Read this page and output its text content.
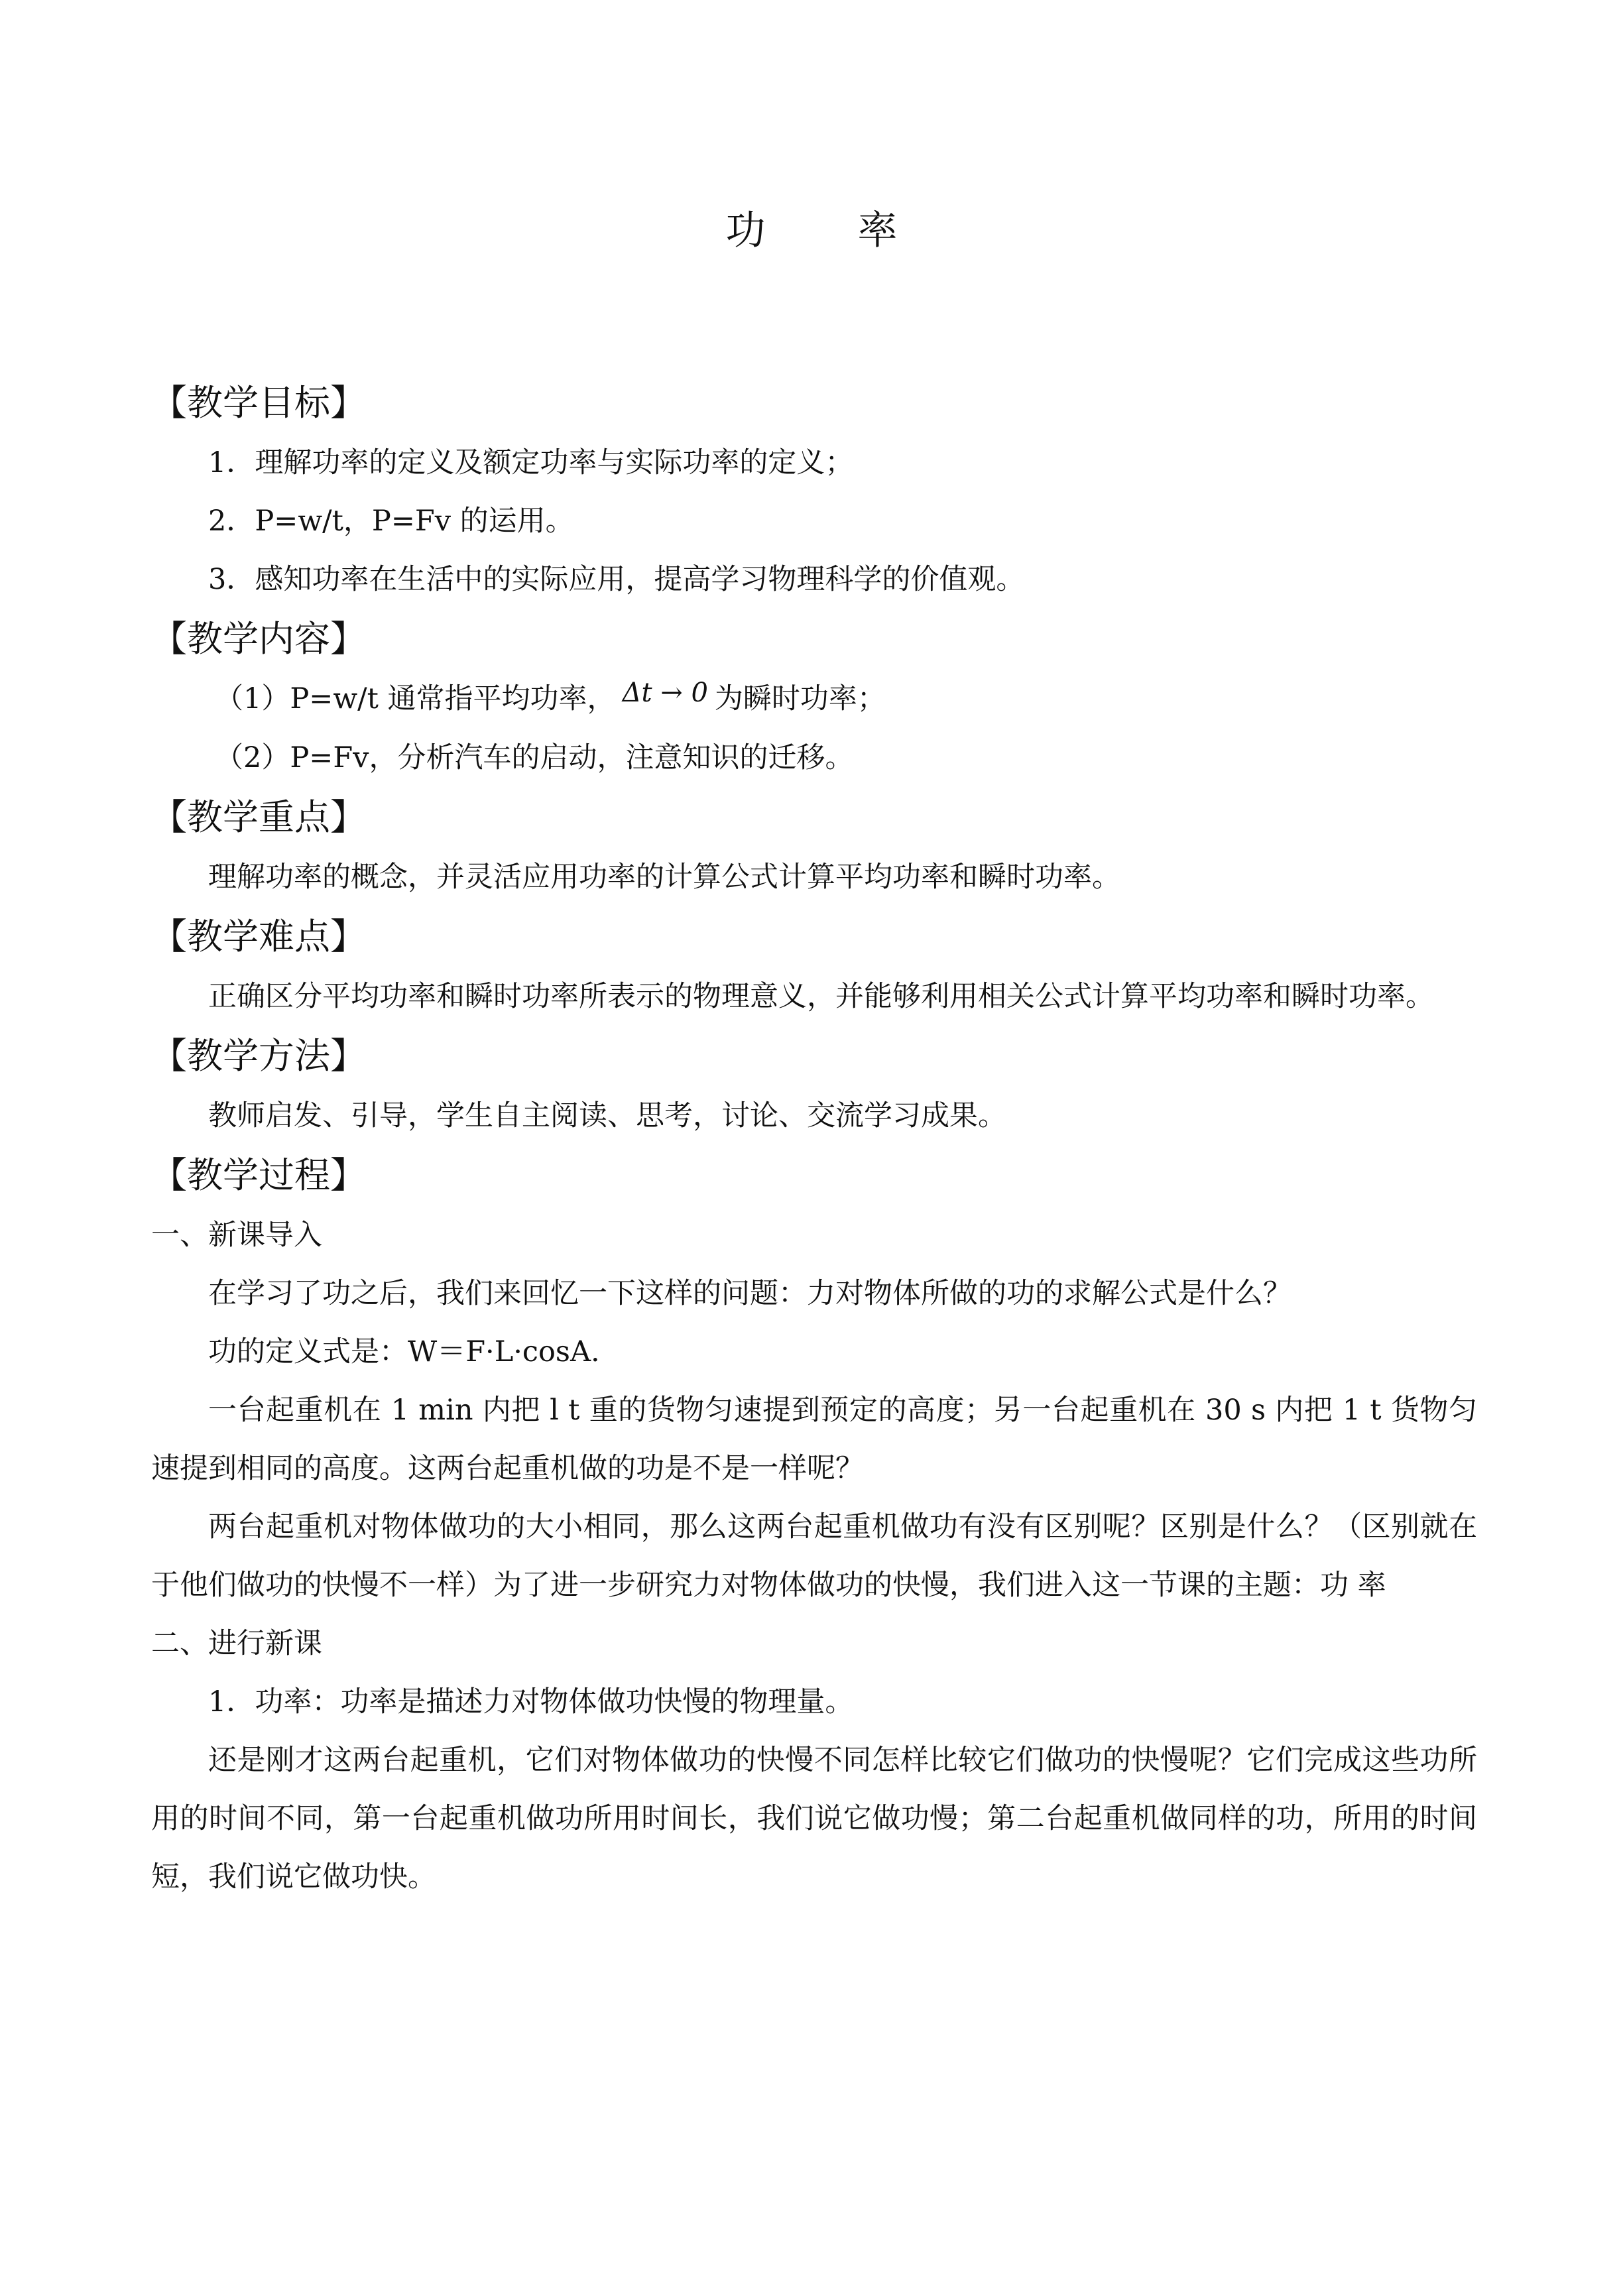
功 率
【教学目标】
1．理解功率的定义及额定功率与实际功率的定义；
2．P=w/t，P=Fv 的运用。
3．感知功率在生活中的实际应用，提高学习物理科学的价值观。
【教学内容】
（1）P=w/t 通常指平均功率， Δt → 0 为瞬时功率；
（2）P=Fv，分析汽车的启动，注意知识的迁移。
【教学重点】
理解功率的概念，并灵活应用功率的计算公式计算平均功率和瞬时功率。
【教学难点】
正确区分平均功率和瞬时功率所表示的物理意义，并能够利用相关公式计算平均功率和瞬时功率。
【教学方法】
教师启发、引导，学生自主阅读、思考，讨论、交流学习成果。
【教学过程】
一、新课导入
在学习了功之后，我们来回忆一下这样的问题：力对物体所做的功的求解公式是什么？
功的定义式是：W＝F·L·cosA.
一台起重机在 1 min 内把 l t 重的货物匀速提到预定的高度；另一台起重机在 30 s 内把 1 t 货物匀速提到相同的高度。这两台起重机做的功是不是一样呢？
两台起重机对物体做功的大小相同，那么这两台起重机做功有没有区别呢？区别是什么？（区别就在于他们做功的快慢不一样）为了进一步研究力对物体做功的快慢，我们进入这一节课的主题：功 率
二、进行新课
1．功率：功率是描述力对物体做功快慢的物理量。
还是刚才这两台起重机，它们对物体做功的快慢不同怎样比较它们做功的快慢呢？它们完成这些功所用的时间不同，第一台起重机做功所用时间长，我们说它做功慢；第二台起重机做同样的功，所用的时间短，我们说它做功快。
